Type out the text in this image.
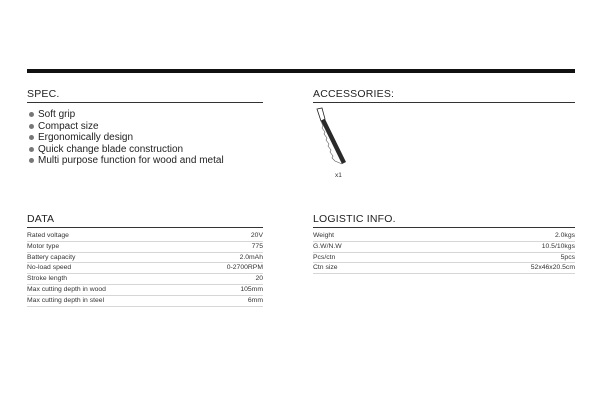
SPEC.
Soft grip
Compact size
Ergonomically design
Quick change blade construction
Multi purpose function for wood and metal
ACCESSORIES:
x1
DATA
Rated voltage	20V
Motor type	775
Battery capacity	2.0mAh
No-load speed	0-2700RPM
Stroke length	20
Max cutting depth in wood	105mm
Max cutting depth in steel	6mm
LOGISTIC INFO.
Weight	2.0kgs
G.W/N.W	10.5/10kgs
Pcs/ctn	5pcs
Ctn size	52x46x20.5cm
